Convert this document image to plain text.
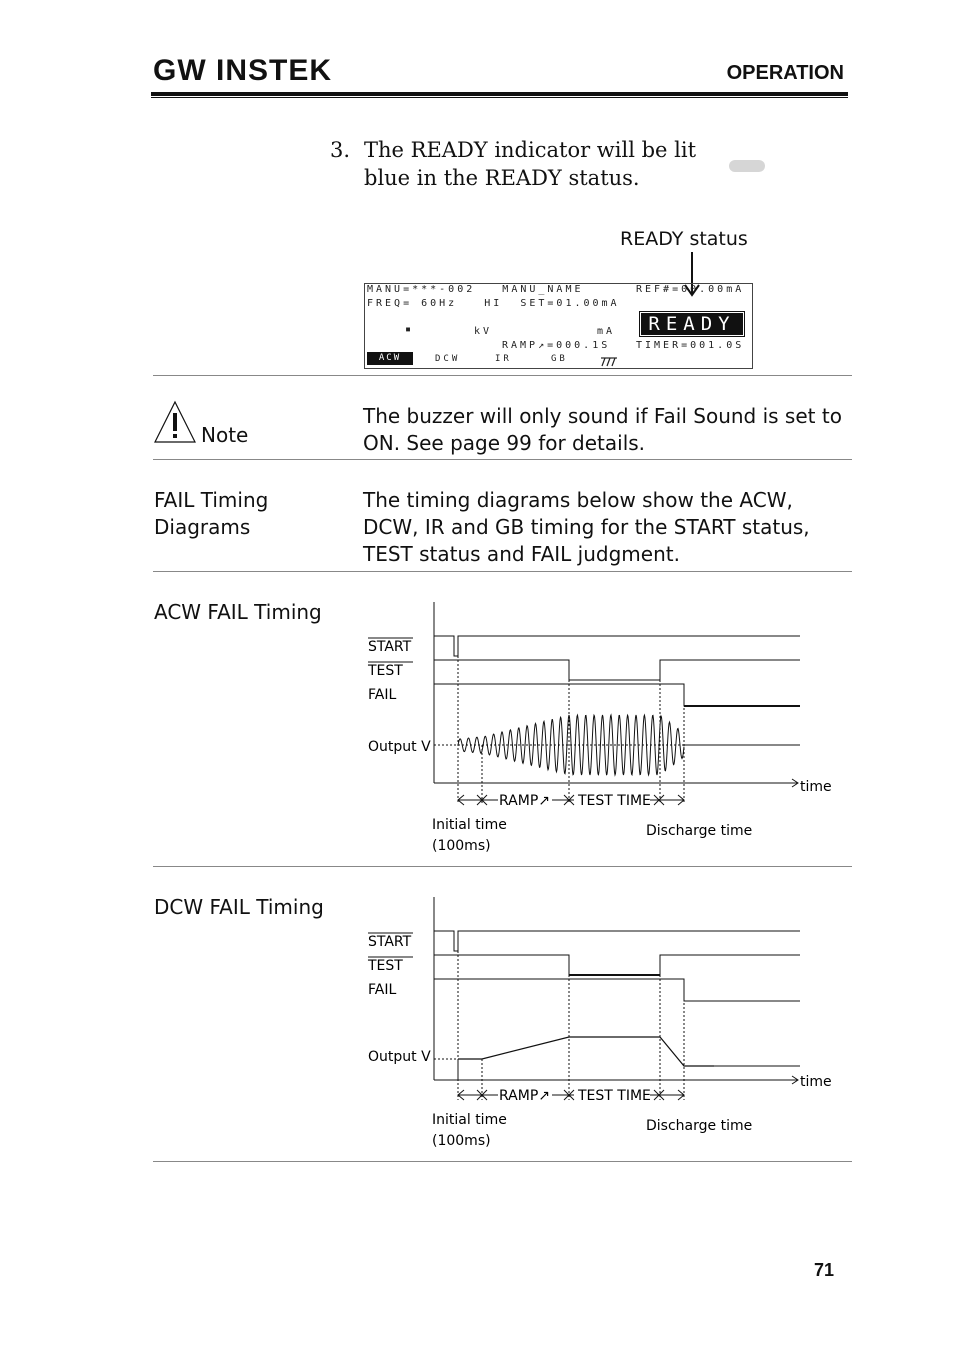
GW INSTEK	OPERATION
3. The READY indicator will be lit blue in the READY status.
READY status
MANU=***-002   MANU_NAME	REF#=00.00mA
FREQ= 60Hz   HI  SET=01.00mA
▪	kV	mA	READY
RAMP↗=000.1S	TIMER=001.0S
ACW	DCW	IR	GB
Note
The buzzer will only sound if Fail Sound is set to ON. See page 99 for details.
FAIL Timing Diagrams
The timing diagrams below show the ACW, DCW, IR and GB timing for the START status, TEST status and FAIL judgment.
ACW FAIL Timing
START
TEST
FAIL
Output V
time
RAMP↗ TEST TIME
Initial time
(100ms)
Discharge time
DCW FAIL Timing
START
TEST
FAIL
Output V
time
RAMP↗ TEST TIME
Initial time
(100ms)
Discharge time
71
